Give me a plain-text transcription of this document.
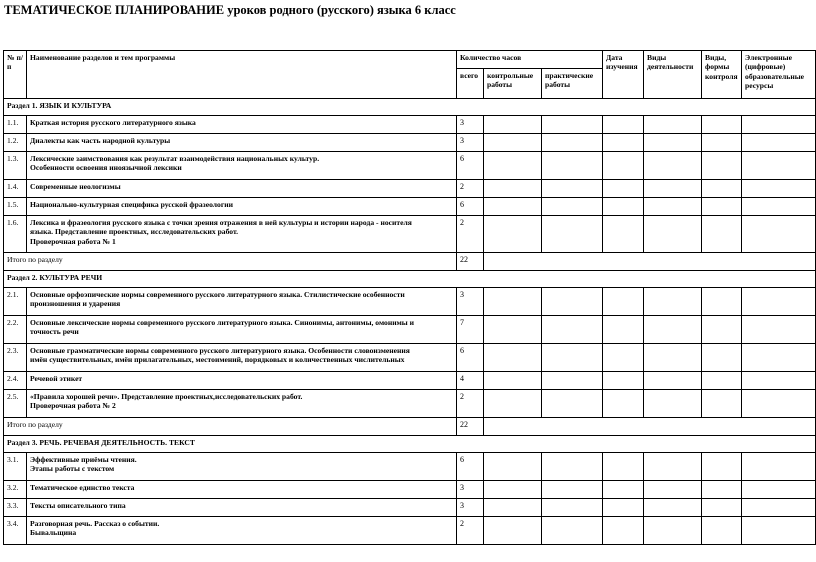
ТЕМАТИЧЕСКОЕ ПЛАНИРОВАНИЕ уроков родного (русского) языка 6 класс
№ п/п	Наименование разделов и тем программы	Количество часов			Дата изучения	Виды деятельности	Виды, формы контроля	Электронные (цифровые) образовательные ресурсы
		всего	контрольные работы	практические работы				
Раздел 1. ЯЗЫК И КУЛЬТУРА								
1.1.	Краткая история русского литературного языка	3						
1.2.	Диалекты как часть народной культуры	3						
1.3.	Лексические заимствования как результат взаимодействия национальных культур.
Особенности освоения иноязычной лексики	6						
1.4.	Современные неологизмы	2						
1.5.	Национально-культурная специфика русской фразеологии	6						
1.6.	Лексика и фразеология русского языка с точки зрения отражения в ней культуры и истории народа - носителя
языка. Представление проектных, исследовательских работ.
Проверочная работа № 1	2						
Итого по разделу		22						
Раздел 2. КУЛЬТУРА РЕЧИ								
2.1.	Основные орфоэпические нормы современного русского литературного языка. Стилистические особенности
произношения и ударения	3						
2.2.	Основные лексические нормы современного русского литературного языка. Синонимы, антонимы, омонимы и
точность речи	7						
2.3.	Основные грамматические нормы современного русского литературного языка. Особенности словоизменения
имён существительных, имён прилагательных, местоимений, порядковых и количественных числительных	6						
2.4.	Речевой этикет	4						
2.5.	«Правила хорошей речи». Представление проектных,исследовательских работ.
Проверочная работа № 2	2						
Итого по разделу		22						
Раздел 3. РЕЧЬ. РЕЧЕВАЯ ДЕЯТЕЛЬНОСТЬ. ТЕКСТ								
3.1.	Эффективные приёмы чтения.
Этапы работы с текстом	6						
3.2.	Тематическое единство текста	3						
3.3.	Тексты описательного типа	3						
3.4.	Разговорная речь. Рассказ о событии.
Бывальщина	2						
